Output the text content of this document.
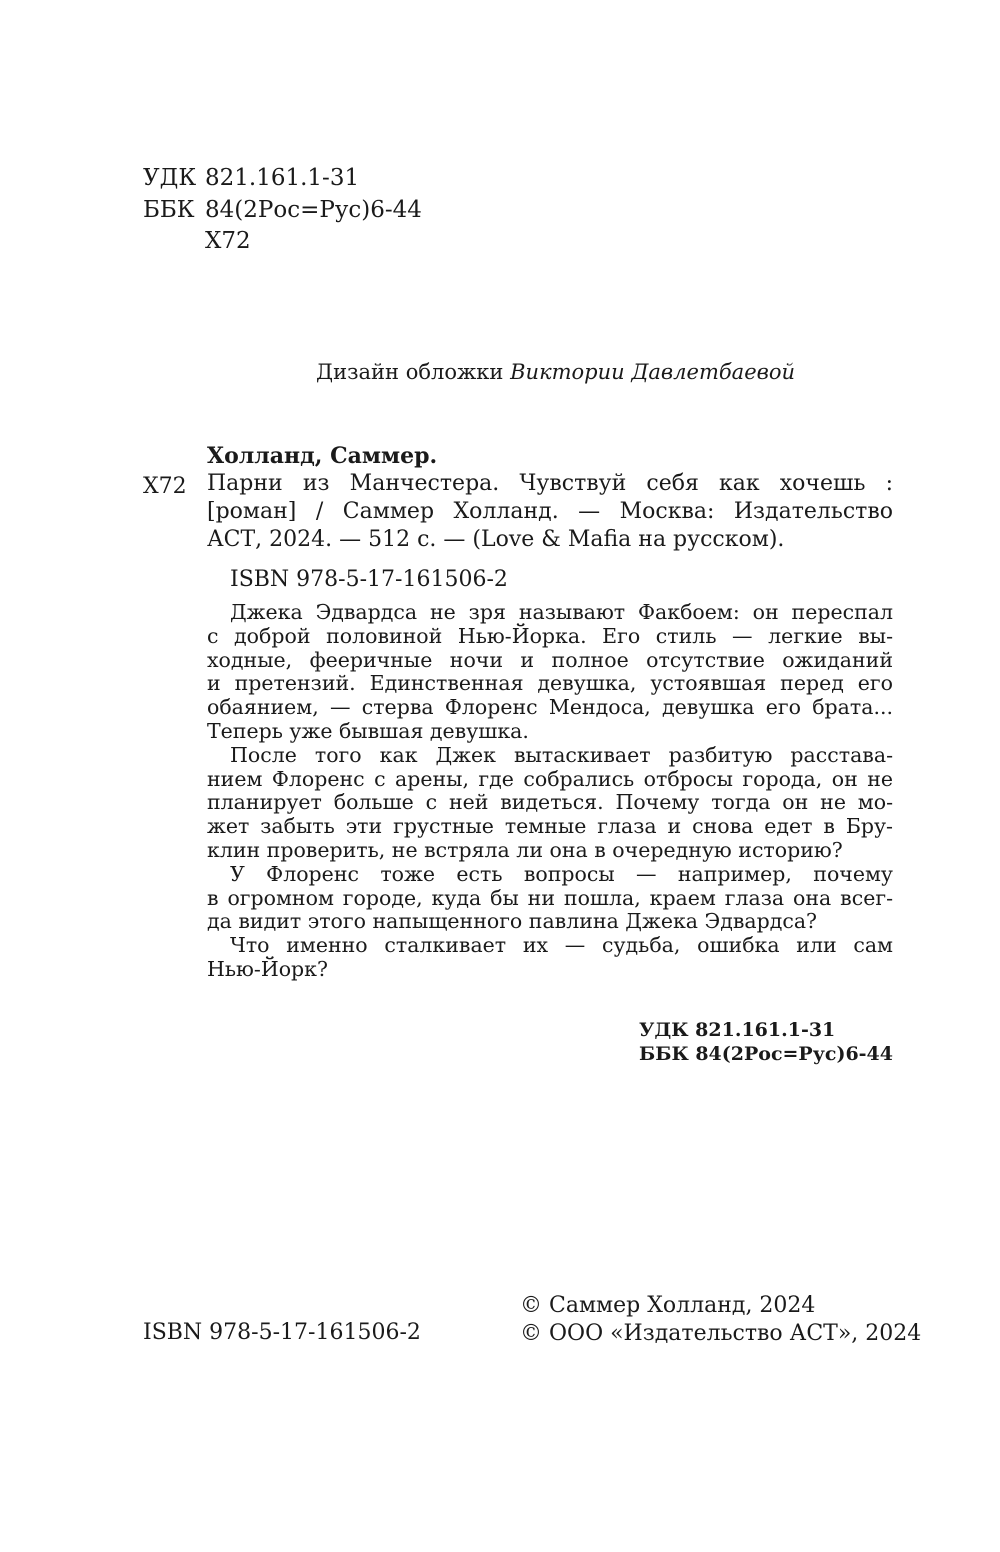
УДК 821.161.1-31
ББК 84(2Рос=Рус)6-44
Х72
Дизайн обложки Виктории Давлетбаевой
Холланд, Саммер.
Х72 Парни из Манчестера. Чувствуй себя как хочешь :
[роман] / Саммер Холланд. — Москва: Издательство
АСТ, 2024. — 512 с. — (Love & Mafia на русском).
ISBN 978-5-17-161506-2

Джека Эдвардса не зря называют Факбоем: он переспал
с доброй половиной Нью-Йорка. Его стиль — легкие вы-
ходные, фееричные ночи и полное отсутствие ожиданий
и претензий. Единственная девушка, устоявшая перед его
обаянием, — стерва Флоренс Мендоса, девушка его брата...
Теперь уже бывшая девушка.

После того как Джек вытаскивает разбитую расстава-
нием Флоренс с арены, где собрались отбросы города, он не
планирует больше с ней видеться. Почему тогда он не мо-
жет забыть эти грустные темные глаза и снова едет в Бру-
клин проверить, не встряла ли она в очередную историю?

У Флоренс тоже есть вопросы — например, почему
в огромном городе, куда бы ни пошла, краем глаза она всег-
да видит этого напыщенного павлина Джека Эдвардса?

Что именно сталкивает их — судьба, ошибка или сам
Нью-Йорк?

УДК 821.161.1-31
ББК 84(2Рос=Рус)6-44
© Саммер Холланд, 2024
© ООО «Издательство АСТ», 2024
ISBN 978-5-17-161506-2
